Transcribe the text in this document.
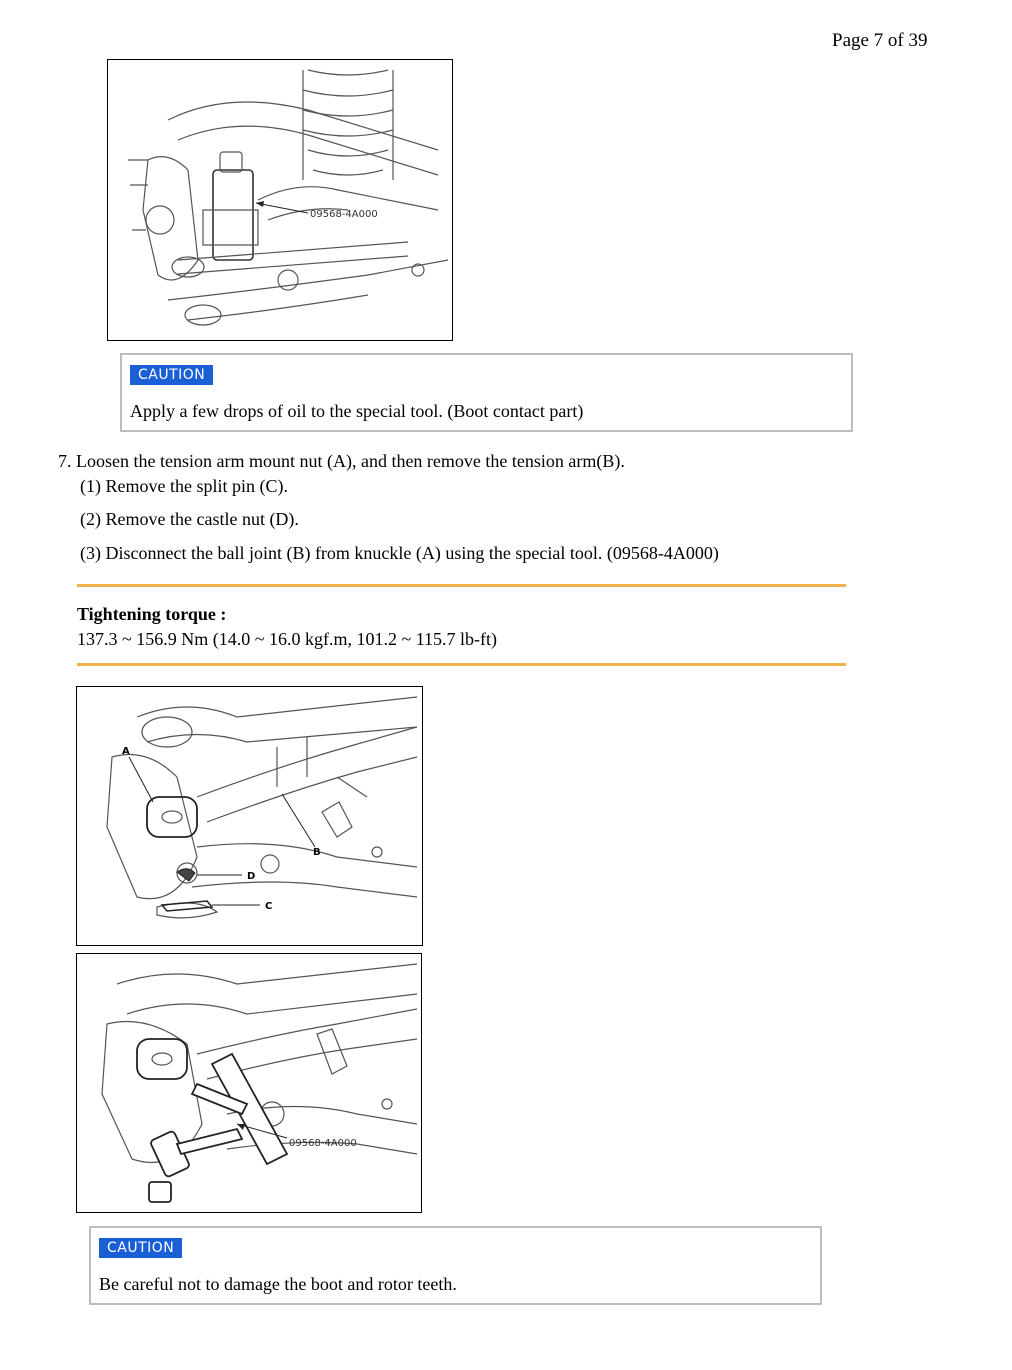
Page 7 of 39
09568-4A000
CAUTION
Apply a few drops of oil to the special tool. (Boot contact part)
7. Loosen the tension arm mount nut (A), and then remove the tension arm(B).
(1) Remove the split pin (C).
(2) Remove the castle nut (D).
(3) Disconnect the ball joint (B) from knuckle (A) using the special tool. (09568-4A000)
Tightening torque :
137.3 ~ 156.9 Nm (14.0 ~ 16.0 kgf.m, 101.2 ~ 115.7 lb-ft)
A
B
D
C
09568-4A000
CAUTION
Be careful not to damage the boot and rotor teeth.
